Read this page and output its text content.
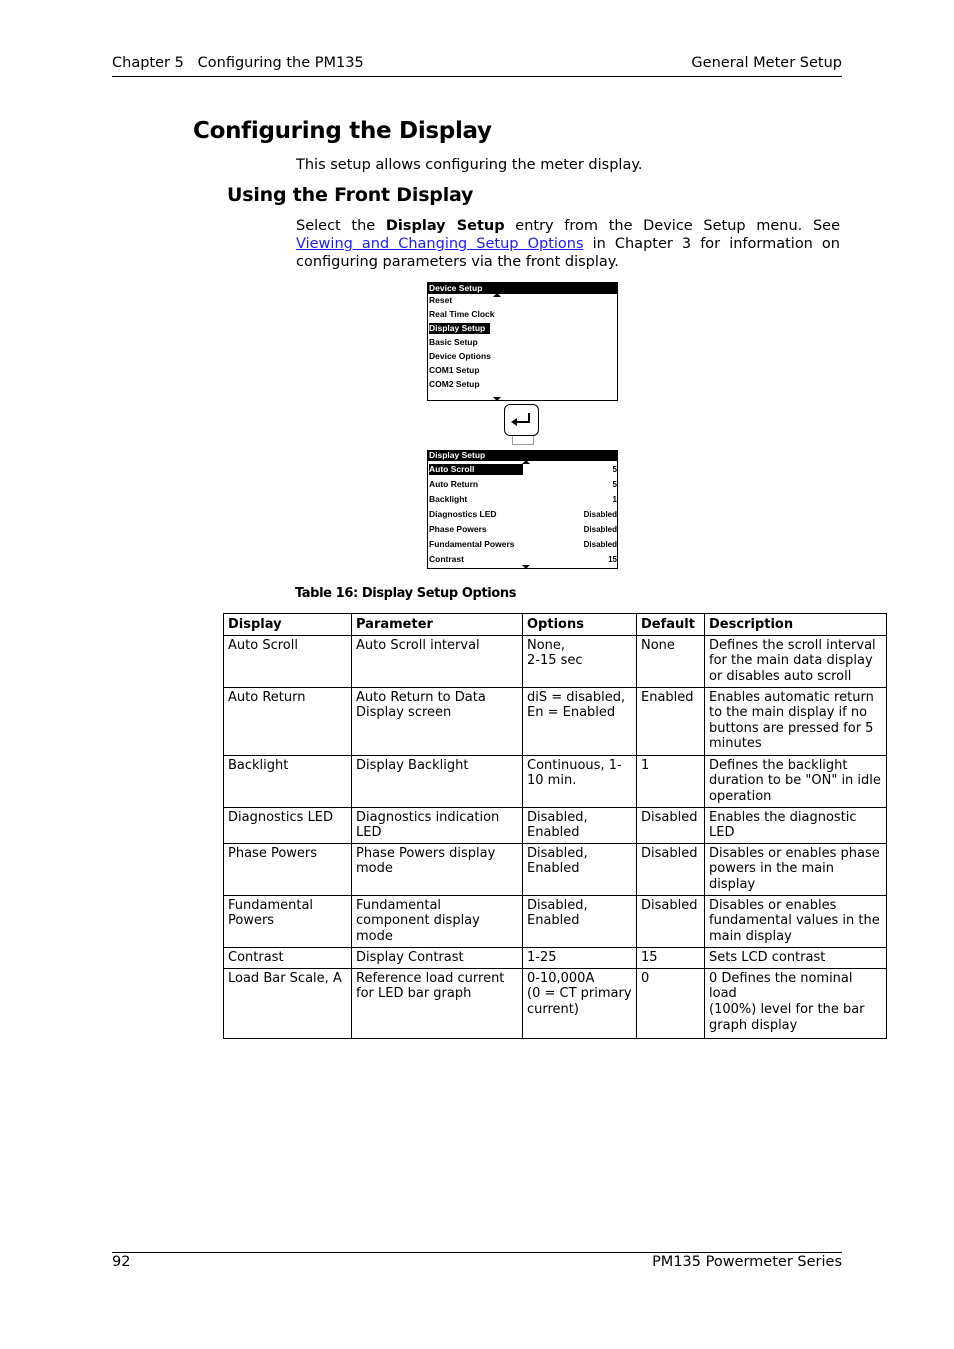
Chapter 5   Configuring the PM135	General Meter Setup
Configuring the Display

This setup allows configuring the meter display.

Using the Front Display

Select the Display Setup entry from the Device Setup menu. See Viewing and Changing Setup Options in Chapter 3 for information on configuring parameters via the front display.

Device Setup
Reset
Real Time Clock
Display Setup
Basic Setup
Device Options
COM1 Setup
COM2 Setup
Display Setup
Auto Scroll	5
Auto Return	5
Backlight	1
Diagnostics LED	Disabled
Phase Powers	Disabled
Fundamental Powers	Disabled
Contrast	15

Table 16: Display Setup Options

Display	Parameter	Options	Default	Description
Auto Scroll	Auto Scroll interval	None,
2-15 sec	None	Defines the scroll interval for the main data display or disables auto scroll
Auto Return	Auto Return to Data Display screen	diS = disabled,
En = Enabled	Enabled	Enables automatic return to the main display if no buttons are pressed for 5 minutes
Backlight	Display Backlight	Continuous, 1-10 min.	1	Defines the backlight duration to be "ON" in idle operation
Diagnostics LED	Diagnostics indication LED	Disabled,
Enabled	Disabled	Enables the diagnostic LED
Phase Powers	Phase Powers display mode	Disabled,
Enabled	Disabled	Disables or enables phase powers in the main display
Fundamental Powers	Fundamental component display mode	Disabled,
Enabled	Disabled	Disables or enables fundamental values in the main display
Contrast	Display Contrast	1-25	15	Sets LCD contrast
Load Bar Scale, A	Reference load current for LED bar graph	0-10,000A
(0 = CT primary
current)	0	0 Defines the nominal load
(100%) level for the bar graph display
92	PM135 Powermeter Series
